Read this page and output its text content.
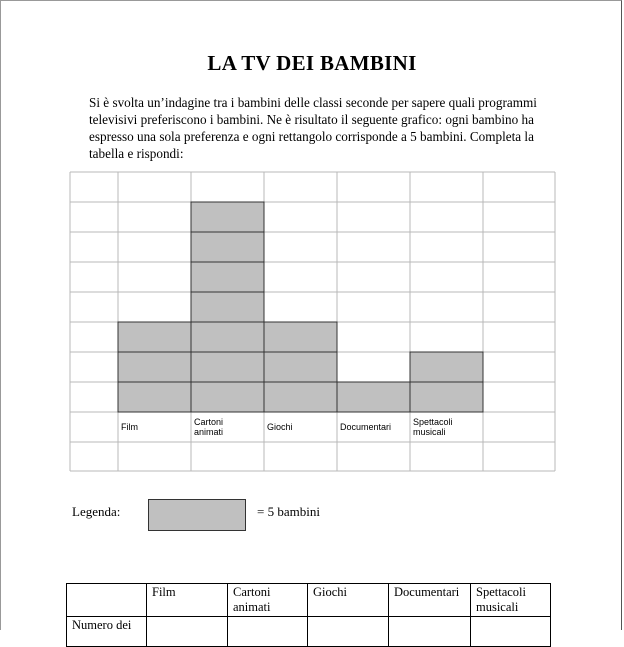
LA TV DEI BAMBINI
Si è svolta un’indagine tra i bambini delle classi seconde per sapere quali programmi
televisivi preferiscono i bambini. Ne è risultato il seguente grafico: ogni bambino ha
espresso una sola preferenza e ogni rettangolo corrisponde a 5 bambini. Completa la
tabella e rispondi:
Film	Cartoni
animati	Giochi	Documentari Spettacoli
musicali
Legenda:	= 5 bambini
	Film	Cartoni animati	Giochi	Documentari	Spettacoli musicali
Numero dei					
